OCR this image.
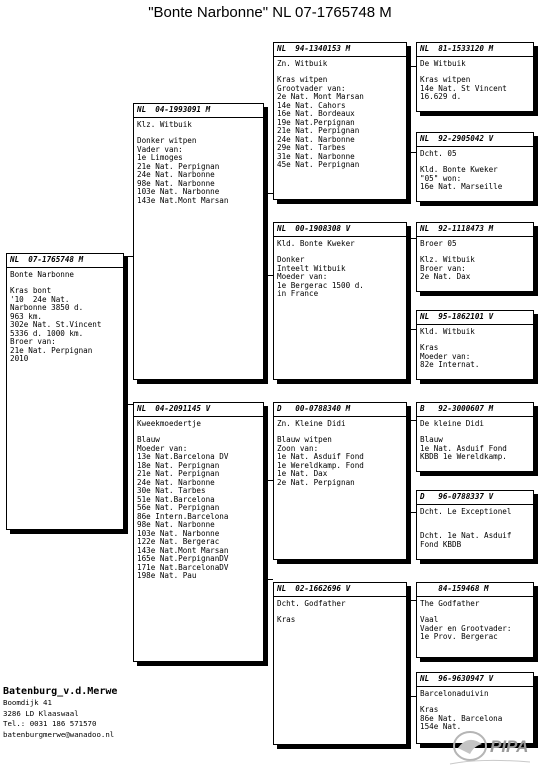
"Bonte Narbonne" NL 07-1765748 M
NL  07-1765748 M
Bonte Narbonne
Kras bont
'10  24e Nat.
Narbonne 3850 d.
963 km.
302e Nat. St.Vincent
5336 d. 1000 km.
Broer van:
21e Nat. Perpignan
2010
NL  04-1993091 M
Klz. Witbuik
Donker witpen
Vader van:
1e Limoges
21e Nat. Perpignan
24e Nat. Narbonne
98e Nat. Narbonne
103e Nat. Narbonne
143e Nat.Mont Marsan
NL  04-2091145 V
Kweekmoedertje
Blauw
Moeder van:
13e Nat.Barcelona DV
18e Nat. Perpignan
21e Nat. Perpignan
24e Nat. Narbonne
30e Nat. Tarbes
51e Nat.Barcelona
56e Nat. Perpignan
86e Intern.Barcelona
98e Nat. Narbonne
103e Nat. Narbonne
122e Nat. Bergerac
143e Nat.Mont Marsan
165e Nat.PerpignanDV
171e Nat.BarcelonaDV
198e Nat. Pau
NL  94-1340153 M
Zn. Witbuik
Kras witpen
Grootvader van:
2e Nat. Mont Marsan
14e Nat. Cahors
16e Nat. Bordeaux
19e Nat.Perpignan
21e Nat. Perpignan
24e Nat. Narbonne
29e Nat. Tarbes
31e Nat. Narbonne
45e Nat. Perpignan
NL  00-1908308 V
Kld. Bonte Kweker
Donker
Inteelt Witbuik
Moeder van:
1e Bergerac 1500 d.
in France
D   00-0788340 M
Zn. Kleine Didi
Blauw witpen
Zoon van:
1e Nat. Asduif Fond
1e Wereldkamp. Fond
1e Nat. Dax
2e Nat. Perpignan
NL  02-1662696 V
Dcht. Godfather
Kras
NL  81-1533120 M
De Witbuik
Kras witpen
14e Nat. St Vincent
16.629 d.
NL  92-2905042 V
Dcht. 05
Kld. Bonte Kweker
"05" won:
16e Nat. Marseille
NL  92-1118473 M
Broer 05
Klz. Witbuik
Broer van:
2e Nat. Dax
NL  95-1862101 V
Kld. Witbuik
Kras
Moeder van:
82e Internat.
B   92-3000607 M
De kleine Didi
Blauw
1e Nat. Asduif Fond
KBDB 1e Wereldkamp.
D   96-0788337 V
Dcht. Le Exceptionel
Dcht. 1e Nat. Asduif
Fond KBDB
84-159468 M
The Godfather
Vaal
Vader en Grootvader:
1e Prov. Bergerac
NL  96-9630947 V
Barcelonaduivin
Kras
86e Nat. Barcelona
154e Nat.
Batenburg_v.d.Merwe
Boomdijk 41
3286 LD Klaaswaal
Tel.: 0031 186 571570
batenburgmerwe@wanadoo.nl
PIPA
